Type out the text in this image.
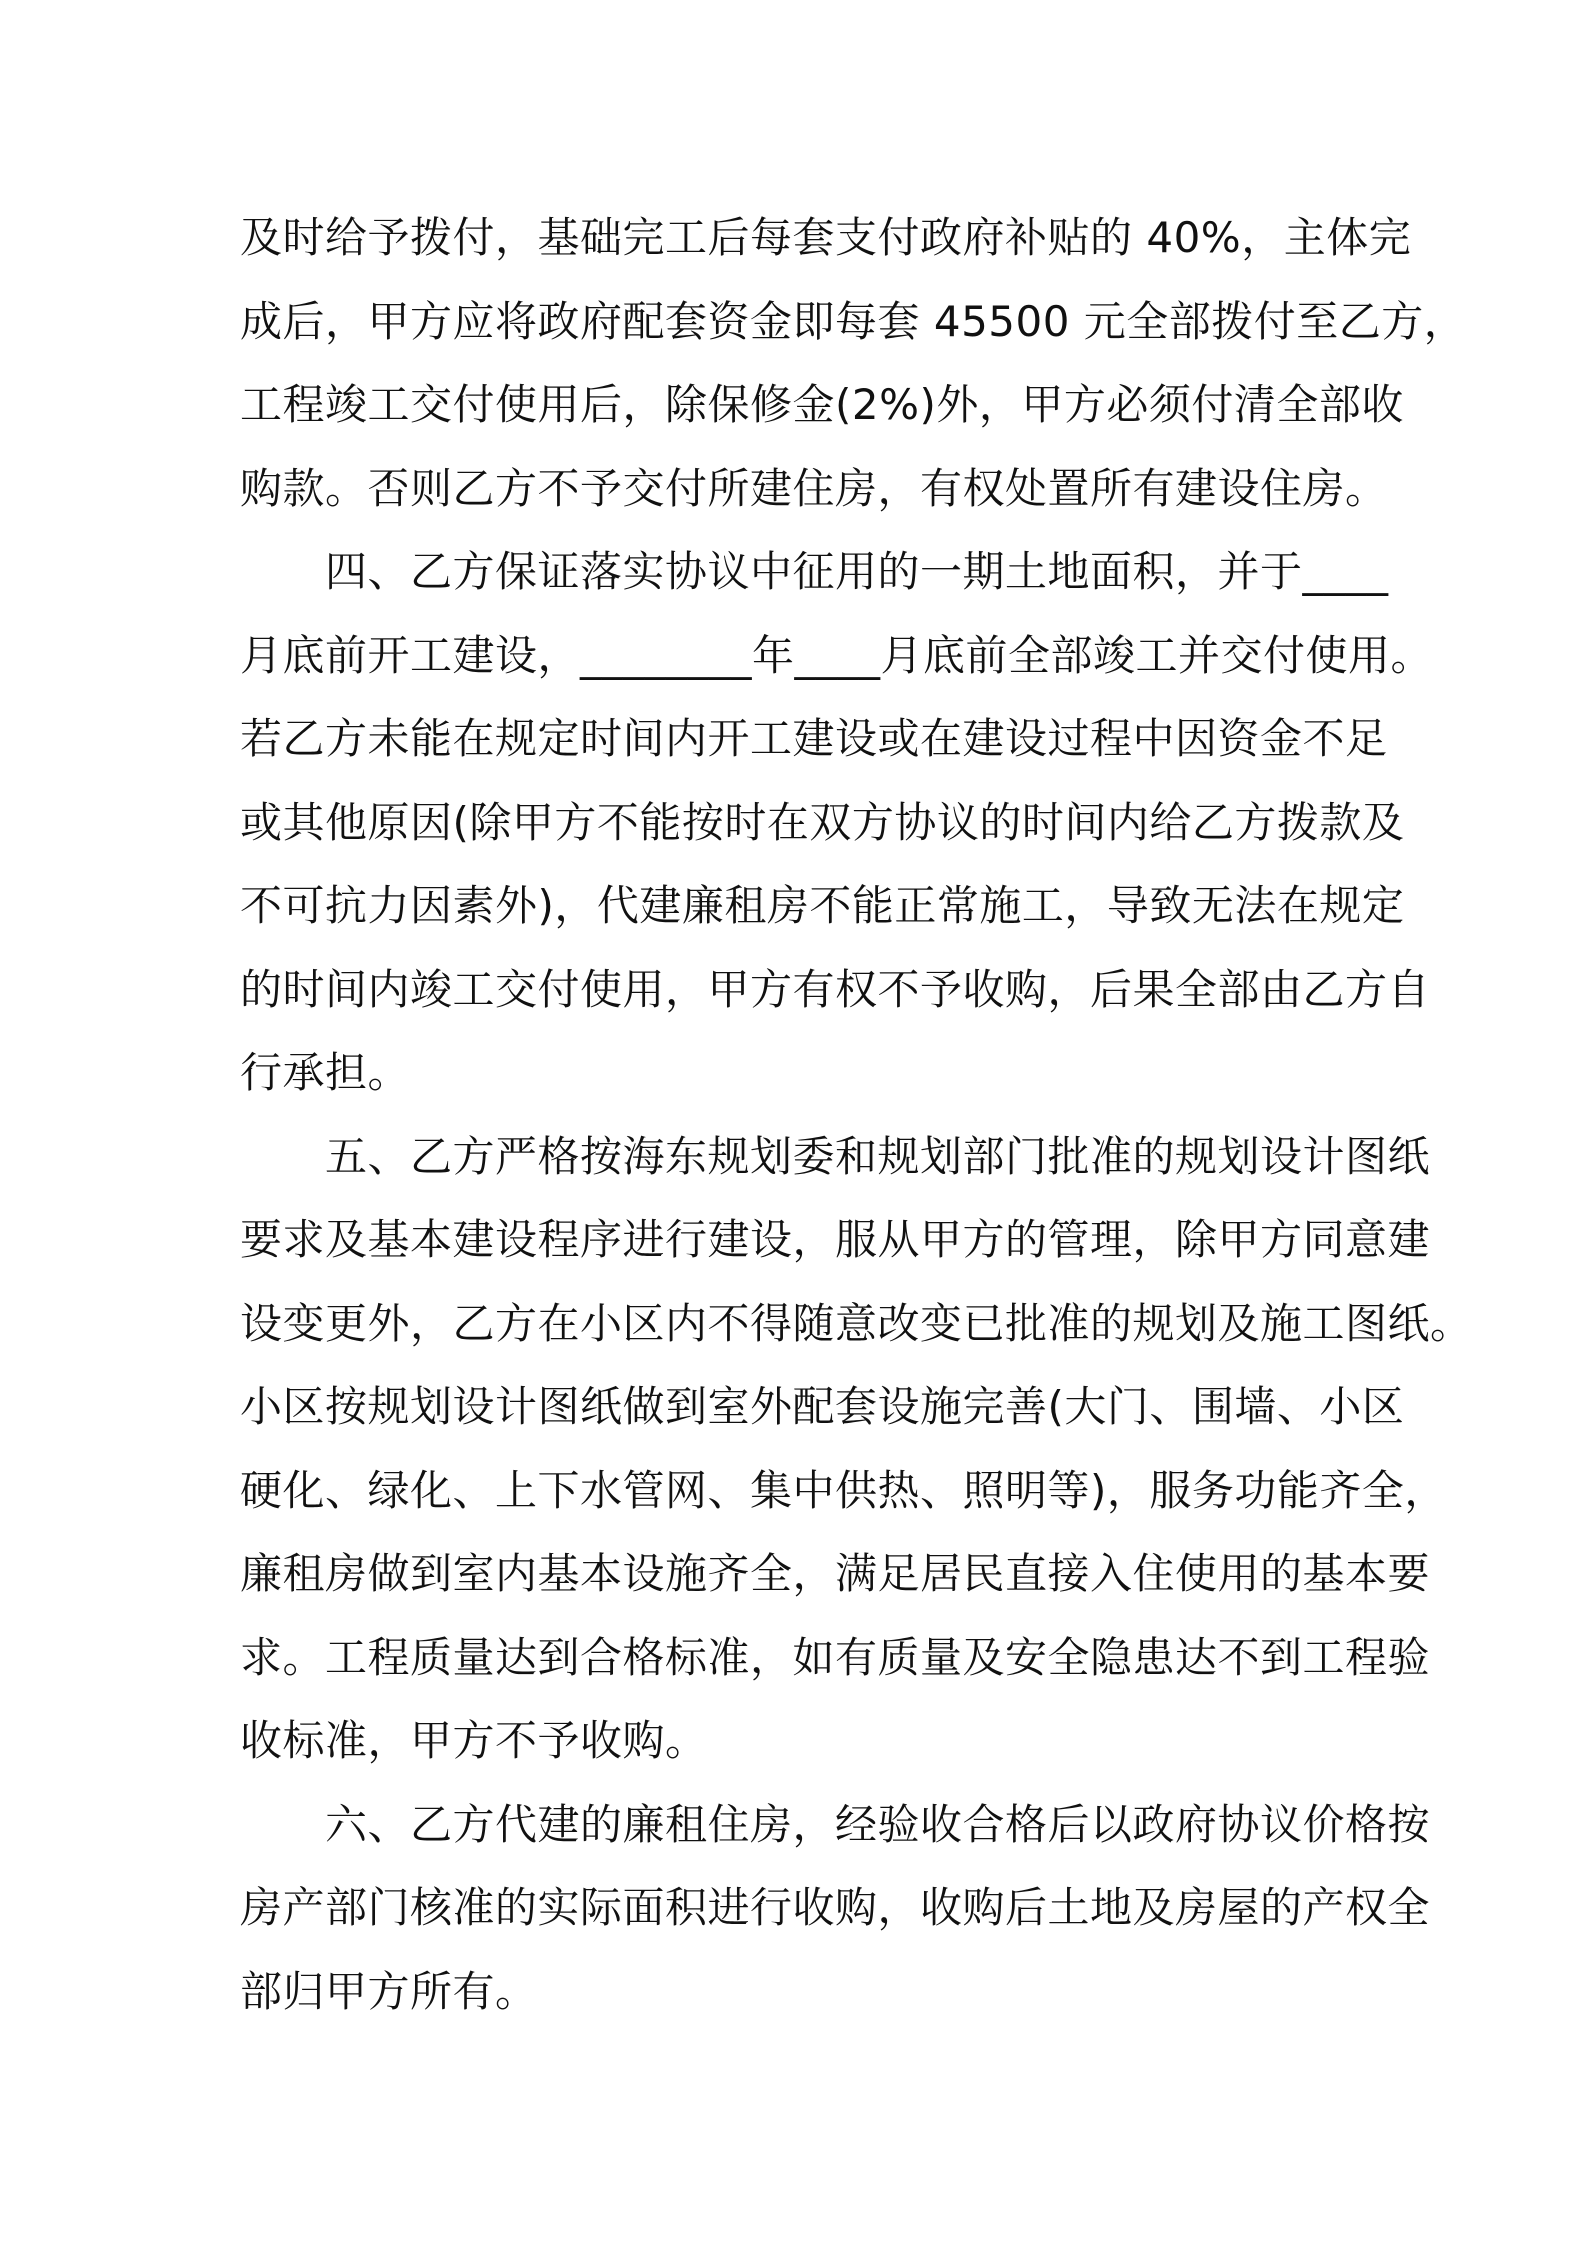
及时给予拨付，基础完工后每套支付政府补贴的 40%，主体完
成后，甲方应将政府配套资金即每套 45500 元全部拨付至乙方，
工程竣工交付使用后，除保修金(2%)外，甲方必须付清全部收
购款。否则乙方不予交付所建住房，有权处置所有建设住房。
　　四、乙方保证落实协议中征用的一期土地面积，并于____
月底前开工建设，________年____月底前全部竣工并交付使用。
若乙方未能在规定时间内开工建设或在建设过程中因资金不足
或其他原因(除甲方不能按时在双方协议的时间内给乙方拨款及
不可抗力因素外)，代建廉租房不能正常施工，导致无法在规定
的时间内竣工交付使用，甲方有权不予收购，后果全部由乙方自
行承担。
　　五、乙方严格按海东规划委和规划部门批准的规划设计图纸
要求及基本建设程序进行建设，服从甲方的管理，除甲方同意建
设变更外，乙方在小区内不得随意改变已批准的规划及施工图纸。
小区按规划设计图纸做到室外配套设施完善(大门、围墙、小区
硬化、绿化、上下水管网、集中供热、照明等)，服务功能齐全，
廉租房做到室内基本设施齐全，满足居民直接入住使用的基本要
求。工程质量达到合格标准，如有质量及安全隐患达不到工程验
收标准，甲方不予收购。
　　六、乙方代建的廉租住房，经验收合格后以政府协议价格按
房产部门核准的实际面积进行收购，收购后土地及房屋的产权全
部归甲方所有。
